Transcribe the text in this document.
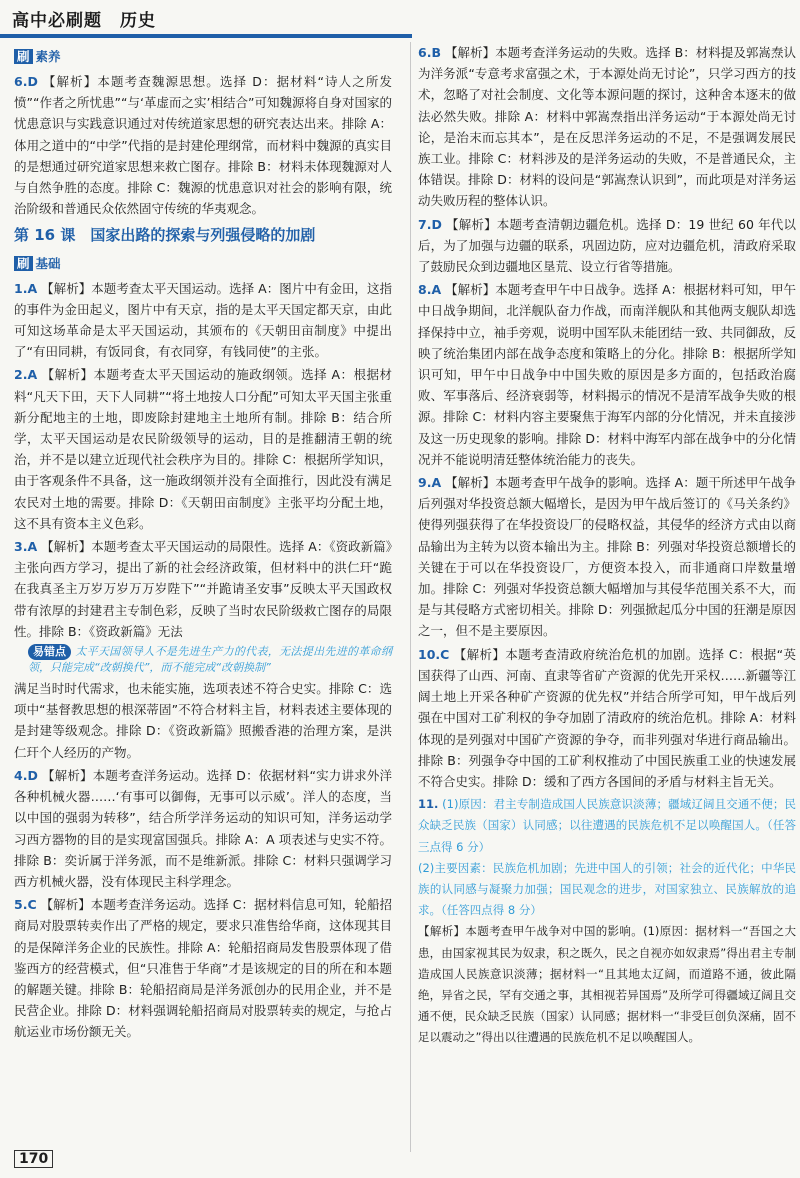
高中必刷题　历史
刷 素养
6.D 【解析】本题考查魏源思想。选择 D：据材料“诗人之所发愤”“作者之所忧患”“与‘革虚而之实’相结合”可知魏源将自身对国家的忧患意识与实践意识通过对传统道家思想的研究表达出来。排除 A：体用之道中的“中学”代指的是封建伦理纲常，而材料中魏源的真实目的是想通过研究道家思想来救亡图存。排除 B：材料未体现魏源对人与自然争胜的态度。排除 C：魏源的忧患意识对社会的影响有限，统治阶级和普通民众依然固守传统的华夷观念。
第 16 课　国家出路的探索与列强侵略的加剧
刷 基础
1.A 【解析】本题考查太平天国运动。选择 A：图片中有金田，这指的事件为金田起义，图片中有天京，指的是太平天国定都天京，由此可知这场革命是太平天国运动，其颁布的《天朝田亩制度》中提出了“有田同耕，有饭同食，有衣同穿，有钱同使”的主张。
2.A 【解析】本题考查太平天国运动的施政纲领。选择 A：根据材料“凡天下田，天下人同耕”“将土地按人口分配”可知太平天国主张重新分配地主的土地，即废除封建地主土地所有制。排除 B：结合所学，太平天国运动是农民阶级领导的运动，目的是推翻清王朝的统治，并不是以建立近现代社会秩序为目的。排除 C：根据所学知识，由于客观条件不具备，这一施政纲领并没有全面推行，因此没有满足农民对土地的需要。排除 D：《天朝田亩制度》主张平均分配土地，这不具有资本主义色彩。
3.A 【解析】本题考查太平天国运动的局限性。选择 A：《资政新篇》主张向西方学习，提出了新的社会经济政策，但材料中的洪仁玕“跪在我真圣主万岁万岁万万岁陛下”“并跪请圣安事”反映太平天国政权带有浓厚的封建君主专制色彩，反映了当时农民阶级救亡图存的局限性。排除 B：《资政新篇》无法
易错点 太平天国领导人不是先进生产力的代表，无法提出先进的革命纲领，只能完成“改朝换代”，而不能完成“改朝换制”
满足当时时代需求，也未能实施，选项表述不符合史实。排除 C：选项中“基督教思想的根深蒂固”不符合材料主旨，材料表述主要体现的是封建等级观念。排除 D：《资政新篇》照搬香港的治理方案，是洪仁玕个人经历的产物。
4.D 【解析】本题考查洋务运动。选择 D：依据材料“实力讲求外洋各种机械火器……‘有事可以御侮，无事可以示威’。洋人的态度，当以中国的强弱为转移”，结合所学洋务运动的知识可知，洋务运动学习西方器物的目的是实现富国强兵。排除 A：A 项表述与史实不符。排除 B：奕䜣属于洋务派，而不是维新派。排除 C：材料只强调学习西方机械火器，没有体现民主科学理念。
5.C 【解析】本题考查洋务运动。选择 C：据材料信息可知，轮船招商局对股票转卖作出了严格的规定，要求只准售给华商，这体现其目的是保障洋务企业的民族性。排除 A：轮船招商局发售股票体现了借鉴西方的经营模式，但“只准售于华商”才是该规定的目的所在和本题的解题关键。排除 B：轮船招商局是洋务派创办的民用企业，并不是民营企业。排除 D：材料强调轮船招商局对股票转卖的规定，与抢占航运业市场份额无关。
6.B 【解析】本题考查洋务运动的失败。选择 B：材料提及郭嵩焘认为洋务派“专意考求富强之术，于本源处尚无讨论”，只学习西方的技术，忽略了对社会制度、文化等本源问题的探讨，这种舍本逐末的做法必然失败。排除 A：材料中郭嵩焘指出洋务运动“于本源处尚无讨论，是治末而忘其本”，是在反思洋务运动的不足，不是强调发展民族工业。排除 C：材料涉及的是洋务运动的失败，不是普通民众，主体错误。排除 D：材料的设问是“郭嵩焘认识到”，而此项是对洋务运动失败历程的整体认识。
7.D 【解析】本题考查清朝边疆危机。选择 D：19 世纪 60 年代以后，为了加强与边疆的联系，巩固边防，应对边疆危机，清政府采取了鼓励民众到边疆地区垦荒、设立行省等措施。
8.A 【解析】本题考查甲午中日战争。选择 A：根据材料可知，甲午中日战争期间，北洋舰队奋力作战，而南洋舰队和其他两支舰队却选择保持中立，袖手旁观，说明中国军队未能团结一致、共同御敌，反映了统治集团内部在战争态度和策略上的分化。排除 B：根据所学知识可知，甲午中日战争中中国失败的原因是多方面的，包括政治腐败、军事落后、经济衰弱等，材料揭示的情况不是清军战争失败的根源。排除 C：材料内容主要聚焦于海军内部的分化情况，并未直接涉及这一历史现象的影响。排除 D：材料中海军内部在战争中的分化情况并不能说明清廷整体统治能力的丧失。
9.A 【解析】本题考查甲午战争的影响。选择 A：题干所述甲午战争后列强对华投资总额大幅增长，是因为甲午战后签订的《马关条约》使得列强获得了在华投资设厂的侵略权益，其侵华的经济方式由以商品输出为主转为以资本输出为主。排除 B：列强对华投资总额增长的关键在于可以在华投资设厂，方便资本投入，而非通商口岸数量增加。排除 C：列强对华投资总额大幅增加与其侵华范围关系不大，而是与其侵略方式密切相关。排除 D：列强掀起瓜分中国的狂潮是原因之一，但不是主要原因。
10.C 【解析】本题考查清政府统治危机的加剧。选择 C：根据“英国获得了山西、河南、直隶等省矿产资源的优先开采权……新疆等江阔土地上开采各种矿产资源的优先权”并结合所学可知，甲午战后列强在中国对工矿利权的争夺加剧了清政府的统治危机。排除 A：材料体现的是列强对中国矿产资源的争夺，而非列强对华进行商品输出。排除 B：列强争夺中国的工矿利权推动了中国民族重工业的快速发展不符合史实。排除 D：缓和了西方各国间的矛盾与材料主旨无关。
11. (1)原因：君主专制造成国人民族意识淡薄；疆域辽阔且交通不便；民众缺乏民族（国家）认同感；以往遭遇的民族危机不足以唤醒国人。（任答三点得 6 分）

(2)主要因素：民族危机加剧；先进中国人的引领；社会的近代化；中华民族的认同感与凝聚力加强；国民观念的进步，对国家独立、民族解放的追求。（任答四点得 8 分）

【解析】本题考查甲午战争对中国的影响。(1)原因：据材料一“吾国之大患，由国家视其民为奴隶，积之既久，民之自视亦如奴隶焉”得出君主专制造成国人民族意识淡薄；据材料一“且其地太辽阔，而道路不通，彼此隔绝，异省之民，罕有交通之事，其相视若异国焉”及所学可得疆域辽阔且交通不便，民众缺乏民族（国家）认同感；据材料一“非受巨创负深痛，固不足以震动之”得出以往遭遇的民族危机不足以唤醒国人。

170
